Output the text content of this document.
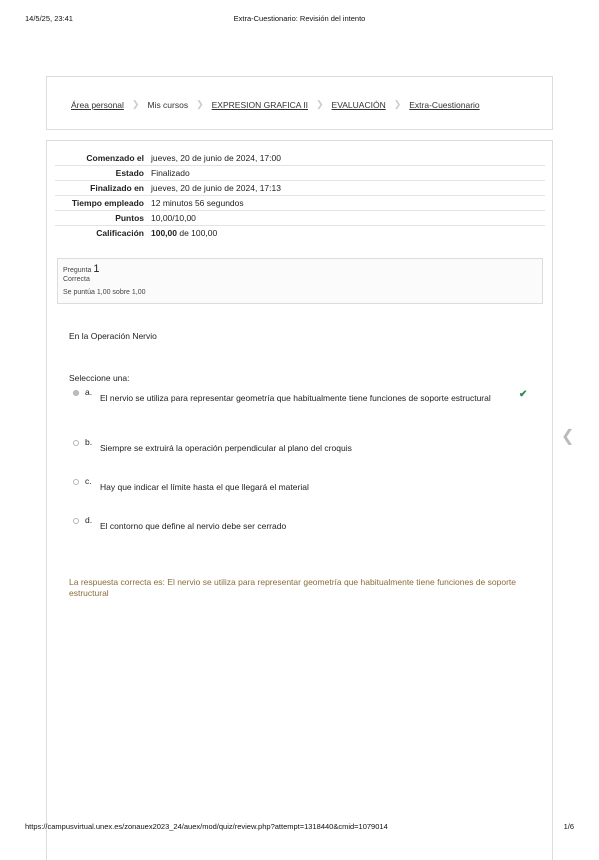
14/5/25, 23:41	Extra-Cuestionario: Revisión del intento
Área personal ❯ Mis cursos ❯ EXPRESION GRAFICA II ❯ EVALUACIÓN ❯ Extra-Cuestionario
Comenzado el	jueves, 20 de junio de 2024, 17:00
Estado	Finalizado
Finalizado en	jueves, 20 de junio de 2024, 17:13
Tiempo empleado	12 minutos 56 segundos
Puntos	10,00/10,00
Calificación	100,00 de 100,00
Pregunta 1
Correcta
Se puntúa 1,00 sobre 1,00
En la Operación Nervio
Seleccione una:
a.
El nervio se utiliza para representar geometría que habitualmente tiene funciones de soporte estructural	✔
b.
Siempre se extruirá la operación perpendicular al plano del croquis
c.
Hay que indicar el límite hasta el que llegará el material
d.
El contorno que define al nervio debe ser cerrado
La respuesta correcta es: El nervio se utiliza para representar geometría que habitualmente tiene funciones de soporte estructural
❮
https://campusvirtual.unex.es/zonauex2023_24/auex/mod/quiz/review.php?attempt=1318440&cmid=1079014	1/6
